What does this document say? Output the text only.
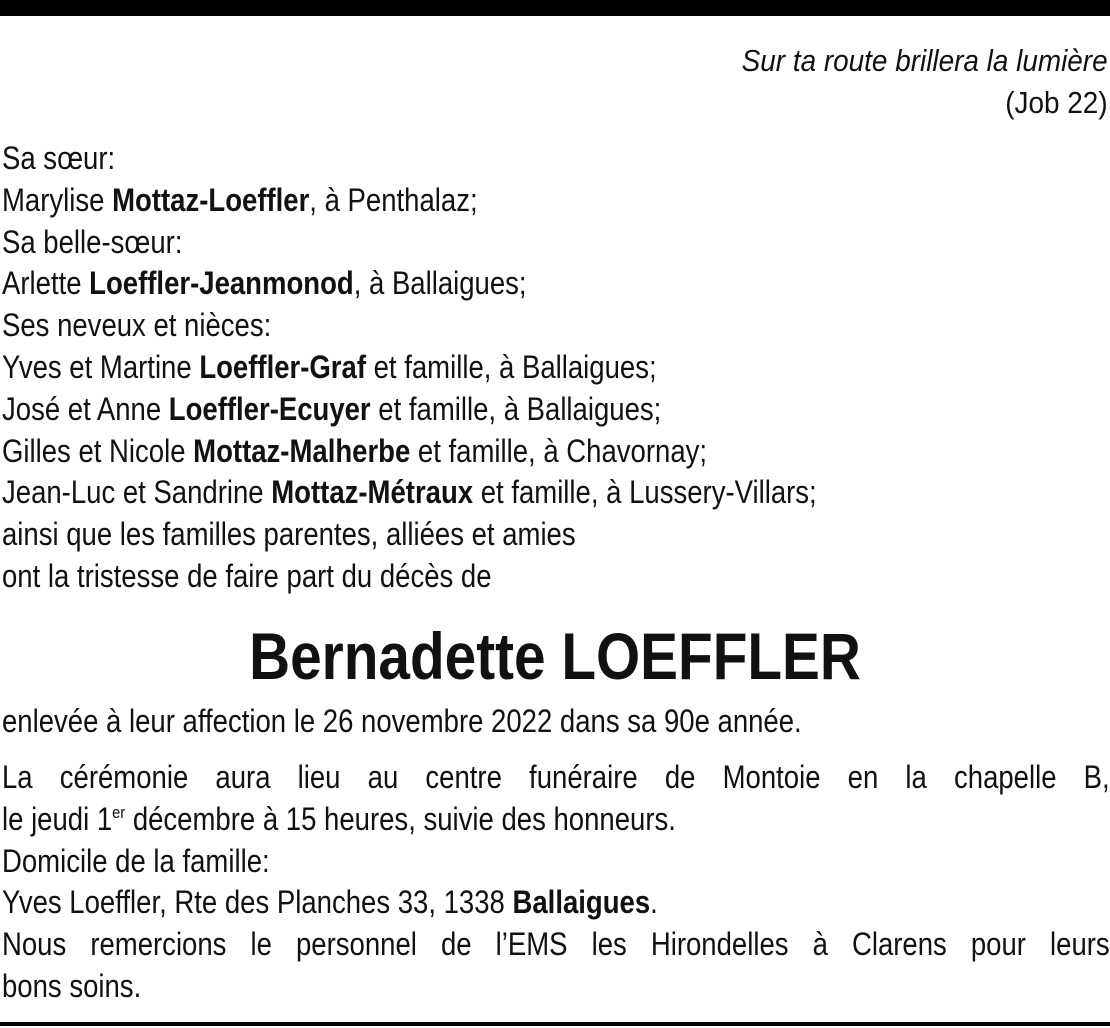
Sur ta route brillera la lumière
(Job 22)
Sa sœur:
Marylise Mottaz-Loeffler, à Penthalaz;
Sa belle-sœur:
Arlette Loeffler-Jeanmonod, à Ballaigues;
Ses neveux et nièces:
Yves et Martine Loeffler-Graf et famille, à Ballaigues;
José et Anne Loeffler-Ecuyer et famille, à Ballaigues;
Gilles et Nicole Mottaz-Malherbe et famille, à Chavornay;
Jean-Luc et Sandrine Mottaz-Métraux et famille, à Lussery-Villars;
ainsi que les familles parentes, alliées et amies
ont la tristesse de faire part du décès de
Bernadette LOEFFLER
enlevée à leur affection le 26 novembre 2022 dans sa 90e année.
La cérémonie aura lieu au centre funéraire de Montoie en la chapelle B,
le jeudi 1er décembre à 15 heures, suivie des honneurs.
Domicile de la famille:
Yves Loeffler, Rte des Planches 33, 1338 Ballaigues.
Nous remercions le personnel de l’EMS les Hirondelles à Clarens pour leurs
bons soins.
